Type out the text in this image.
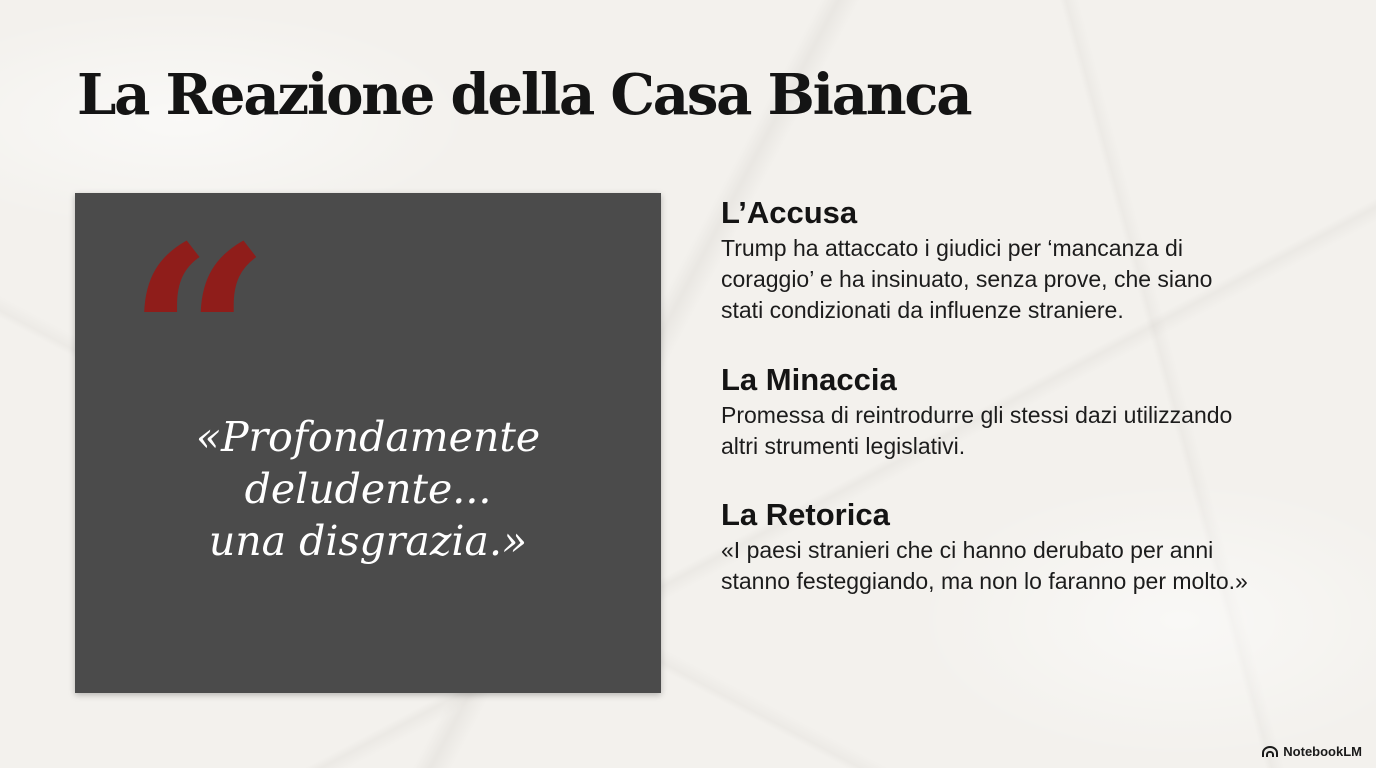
La Reazione della Casa Bianca
“

«Profondamente
deludente...
una disgrazia.»

L’Accusa

Trump ha attaccato i giudici per ‘mancanza di
coraggio’ e ha insinuato, senza prove, che siano
stati condizionati da influenze straniere.

La Minaccia

Promessa di reintrodurre gli stessi dazi utilizzando
altri strumenti legislativi.

La Retorica

«I paesi stranieri che ci hanno derubato per anni
stanno festeggiando, ma non lo faranno per molto.»

NotebookLM
